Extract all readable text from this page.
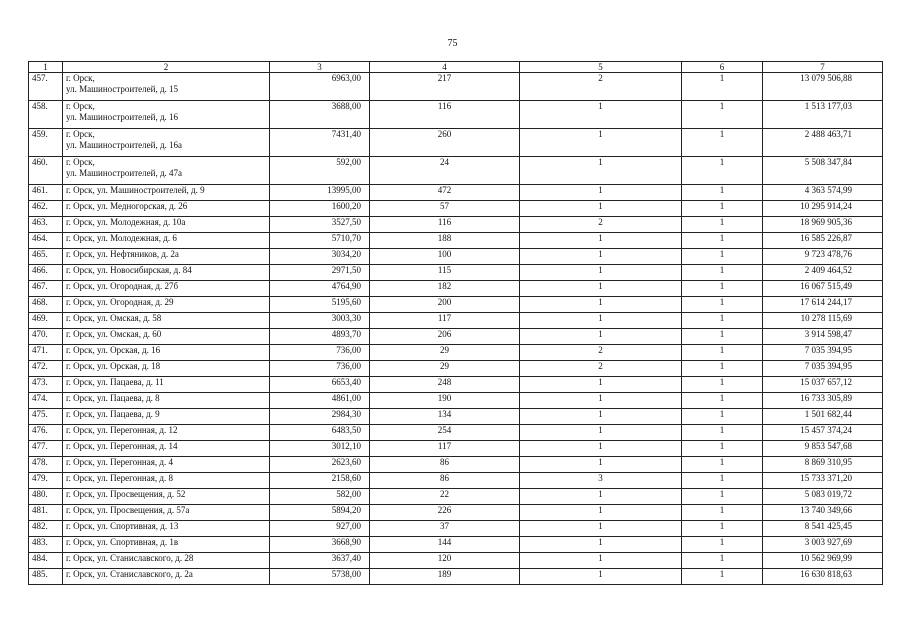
75
1	2	3	4	5	6	7
457.	г. Орск,
ул. Машиностроителей, д. 15	6963,00	217	2	1	13 079 506,88
458.	г. Орск,
ул. Машиностроителей, д. 16	3688,00	116	1	1	1 513 177,03
459.	г. Орск,
ул. Машиностроителей, д. 16а	7431,40	260	1	1	2 488 463,71
460.	г. Орск,
ул. Машиностроителей, д. 47а	592,00	24	1	1	5 508 347,84
461.	г. Орск, ул. Машиностроителей, д. 9	13995,00	472	1	1	4 363 574,99
462.	г. Орск, ул. Медногорская, д. 26	1600,20	57	1	1	10 295 914,24
463.	г. Орск, ул. Молодежная, д. 10а	3527,50	116	2	1	18 969 905,36
464.	г. Орск, ул. Молодежная, д. 6	5710,70	188	1	1	16 585 226,87
465.	г. Орск, ул. Нефтяников, д. 2а	3034,20	100	1	1	9 723 478,76
466.	г. Орск, ул. Новосибирская, д. 84	2971,50	115	1	1	2 409 464,52
467.	г. Орск, ул. Огородная, д. 27б	4764,90	182	1	1	16 067 515,49
468.	г. Орск, ул. Огородная, д. 29	5195,60	200	1	1	17 614 244,17
469.	г. Орск, ул. Омская, д. 58	3003,30	117	1	1	10 278 115,69
470.	г. Орск, ул. Омская, д. 60	4893,70	206	1	1	3 914 598,47
471.	г. Орск, ул. Орская, д. 16	736,00	29	2	1	7 035 394,95
472.	г. Орск, ул. Орская, д. 18	736,00	29	2	1	7 035 394,95
473.	г. Орск, ул. Пацаева, д. 11	6653,40	248	1	1	15 037 657,12
474.	г. Орск, ул. Пацаева, д. 8	4861,00	190	1	1	16 733 305,89
475.	г. Орск, ул. Пацаева, д. 9	2984,30	134	1	1	1 501 682,44
476.	г. Орск, ул. Перегонная, д. 12	6483,50	254	1	1	15 457 374,24
477.	г. Орск, ул. Перегонная, д. 14	3012,10	117	1	1	9 853 547,68
478.	г. Орск, ул. Перегонная, д. 4	2623,60	86	1	1	8 869 310,95
479.	г. Орск, ул. Перегонная, д. 8	2158,60	86	3	1	15 733 371,20
480.	г. Орск, ул. Просвещения, д. 52	582,00	22	1	1	5 083 019,72
481.	г. Орск, ул. Просвещения, д. 57а	5894,20	226	1	1	13 740 349,66
482.	г. Орск, ул. Спортивная, д. 13	927,00	37	1	1	8 541 425,45
483.	г. Орск, ул. Спортивная, д. 1в	3668,90	144	1	1	3 003 927,69
484.	г. Орск, ул. Станиславского, д. 28	3637,40	120	1	1	10 562 969,99
485.	г. Орск, ул. Станиславского, д. 2а	5738,00	189	1	1	16 630 818,63
